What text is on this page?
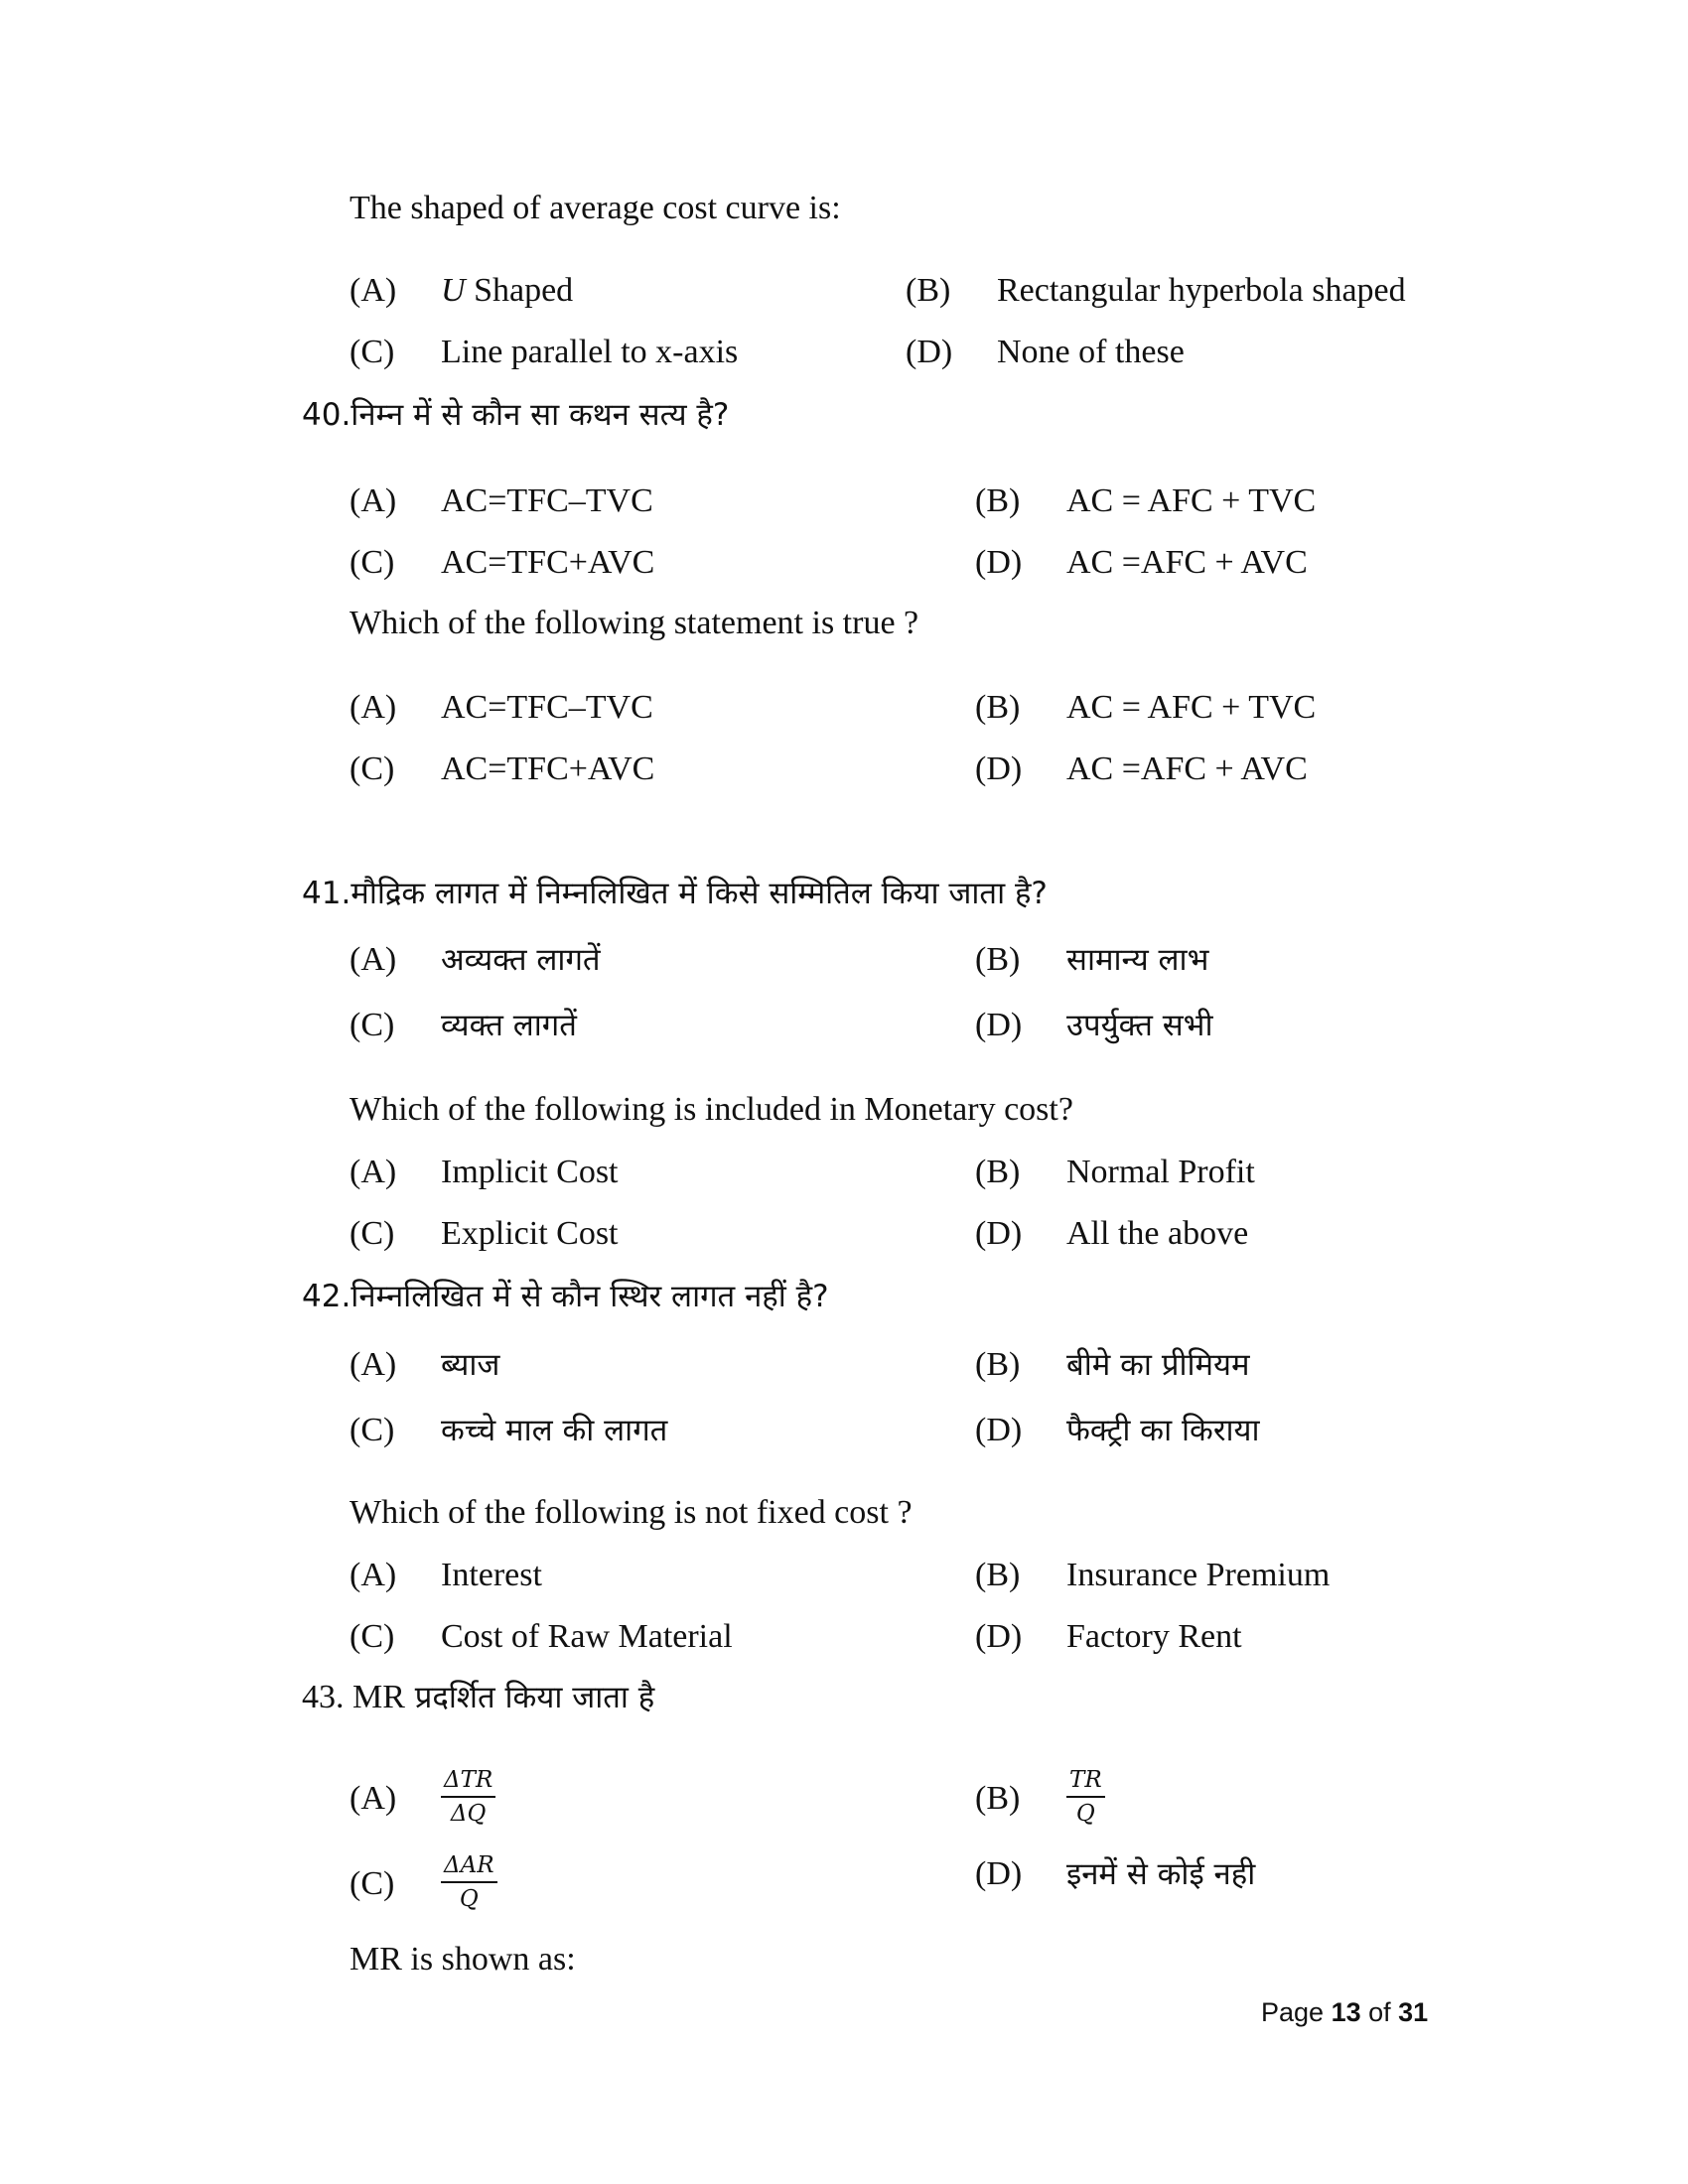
The shaped of average cost curve is:
(A) U Shaped	(B) Rectangular hyperbola shaped
(C) Line parallel to x-axis	(D) None of these
40.निम्न में से कौन सा कथन सत्य है?
(A) AC=TFC–TVC	(B) AC = AFC + TVC
(C) AC=TFC+AVC	(D) AC =AFC + AVC
Which of the following statement is true ?
(A) AC=TFC–TVC	(B) AC = AFC + TVC
(C) AC=TFC+AVC	(D) AC =AFC + AVC
41.मौद्रिक लागत में निम्नलिखित में किसे सम्मितिल किया जाता है?
(A) अव्यक्त लागतें	(B) सामान्य लाभ
(C) व्यक्त लागतें	(D) उपर्युक्त सभी
Which of the following is included in Monetary cost?
(A) Implicit Cost	(B) Normal Profit
(C) Explicit Cost	(D) All the above
42.निम्नलिखित में से कौन स्थिर लागत नहीं है?
(A) ब्याज	(B) बीमे का प्रीमियम
(C) कच्चे माल की लागत	(D) फैक्ट्री का किराया
Which of the following is not fixed cost ?
(A) Interest	(B) Insurance Premium
(C) Cost of Raw Material	(D) Factory Rent
43. MR प्रदर्शित किया जाता है
$(A) \frac{\text{ΔTR}}{\Delta Q}$	$(B) \frac{TR}{Q}$
$(C) \frac{\text{ΔAR}}{Q}$	(D) इनमें से कोई नही
MR is shown as:
Page 13 of 31
